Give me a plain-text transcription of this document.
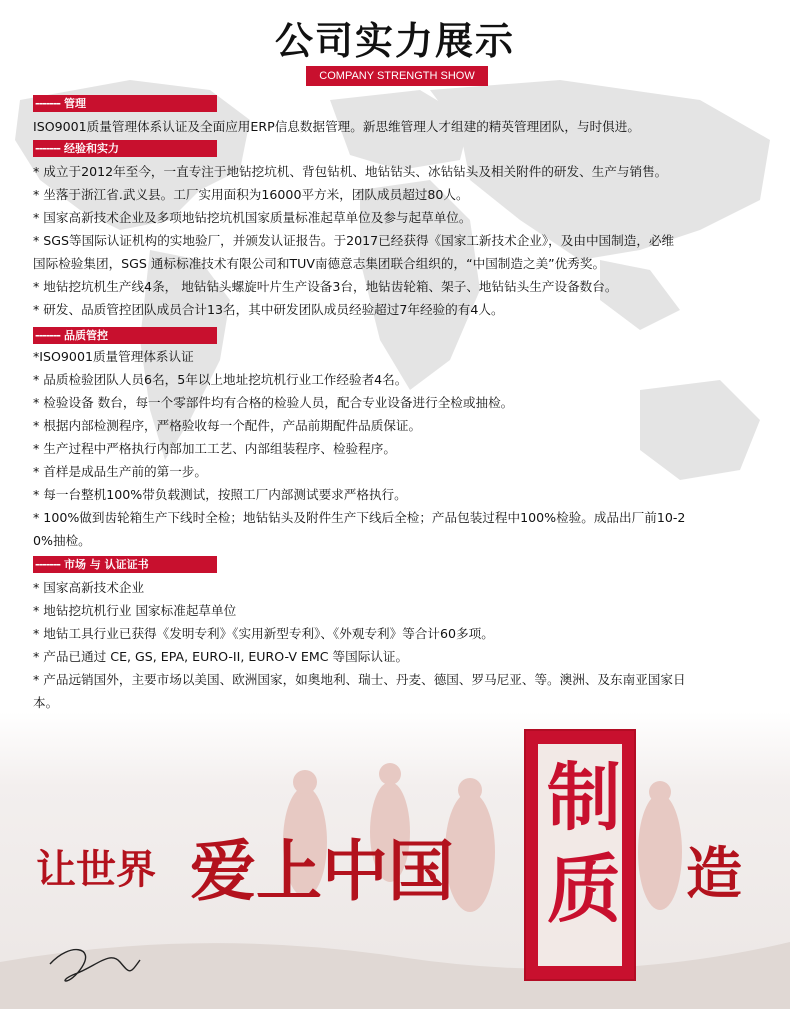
公司实力展示
COMPANY STRENGTH SHOW
------- 管理

ISO9001质量管理体系认证及全面应用ERP信息数据管理。新思维管理人才组建的精英管理团队，与时俱进。

------- 经验和实力

* 成立于2012年至今，一直专注于地钻挖坑机、背包钻机、地钻钻头、冰钻钻头及相关附件的研发、生产与销售。

* 坐落于浙江省.武义县。工厂实用面积为16000平方米，团队成员超过80人。

* 国家高新技术企业及多项地钻挖坑机国家质量标准起草单位及参与起草单位。

* SGS等国际认证机构的实地验厂，并颁发认证报告。于2017已经获得《国家工新技术企业》，及由中国制造，必维

国际检验集团，SGS 通标标准技术有限公司和TUV南德意志集团联合组织的，“中国制造之美”优秀奖。

* 地钻挖坑机生产线4条， 地钻钻头螺旋叶片生产设备3台，地钻齿轮箱、架子、地钻钻头生产设备数台。

* 研发、品质管控团队成员合计13名，其中研发团队成员经验超过7年经验的有4人。

------- 品质管控

*ISO9001质量管理体系认证

* 品质检验团队人员6名，5年以上地址挖坑机行业工作经验者4名。

* 检验设备 数台，每一个零部件均有合格的检验人员，配合专业设备进行全检或抽检。

* 根据内部检测程序，严格验收每一个配件，产品前期配件品质保证。

* 生产过程中严格执行内部加工工艺、内部组装程序、检验程序。

* 首样是成品生产前的第一步。

* 每一台整机100%带负载测试，按照工厂内部测试要求严格执行。

* 100%做到齿轮箱生产下线时全检；地钻钻头及附件生产下线后全检；产品包装过程中100%检验。成品出厂前10-2

0%抽检。

------- 市场 与 认证证书

* 国家高新技术企业

* 地钻挖坑机行业 国家标准起草单位

* 地钻工具行业已获得《发明专利》《实用新型专利》、《外观专利》等合计60多项。

* 产品已通过 CE, GS, EPA, EURO-II, EURO-V EMC 等国际认证。

* 产品远销国外，主要市场以美国、欧洲国家，如奥地利、瑞士、丹麦、德国、罗马尼亚、等。澳洲、及东南亚国家日

本。

让世界 爱上中国
制
质 造
